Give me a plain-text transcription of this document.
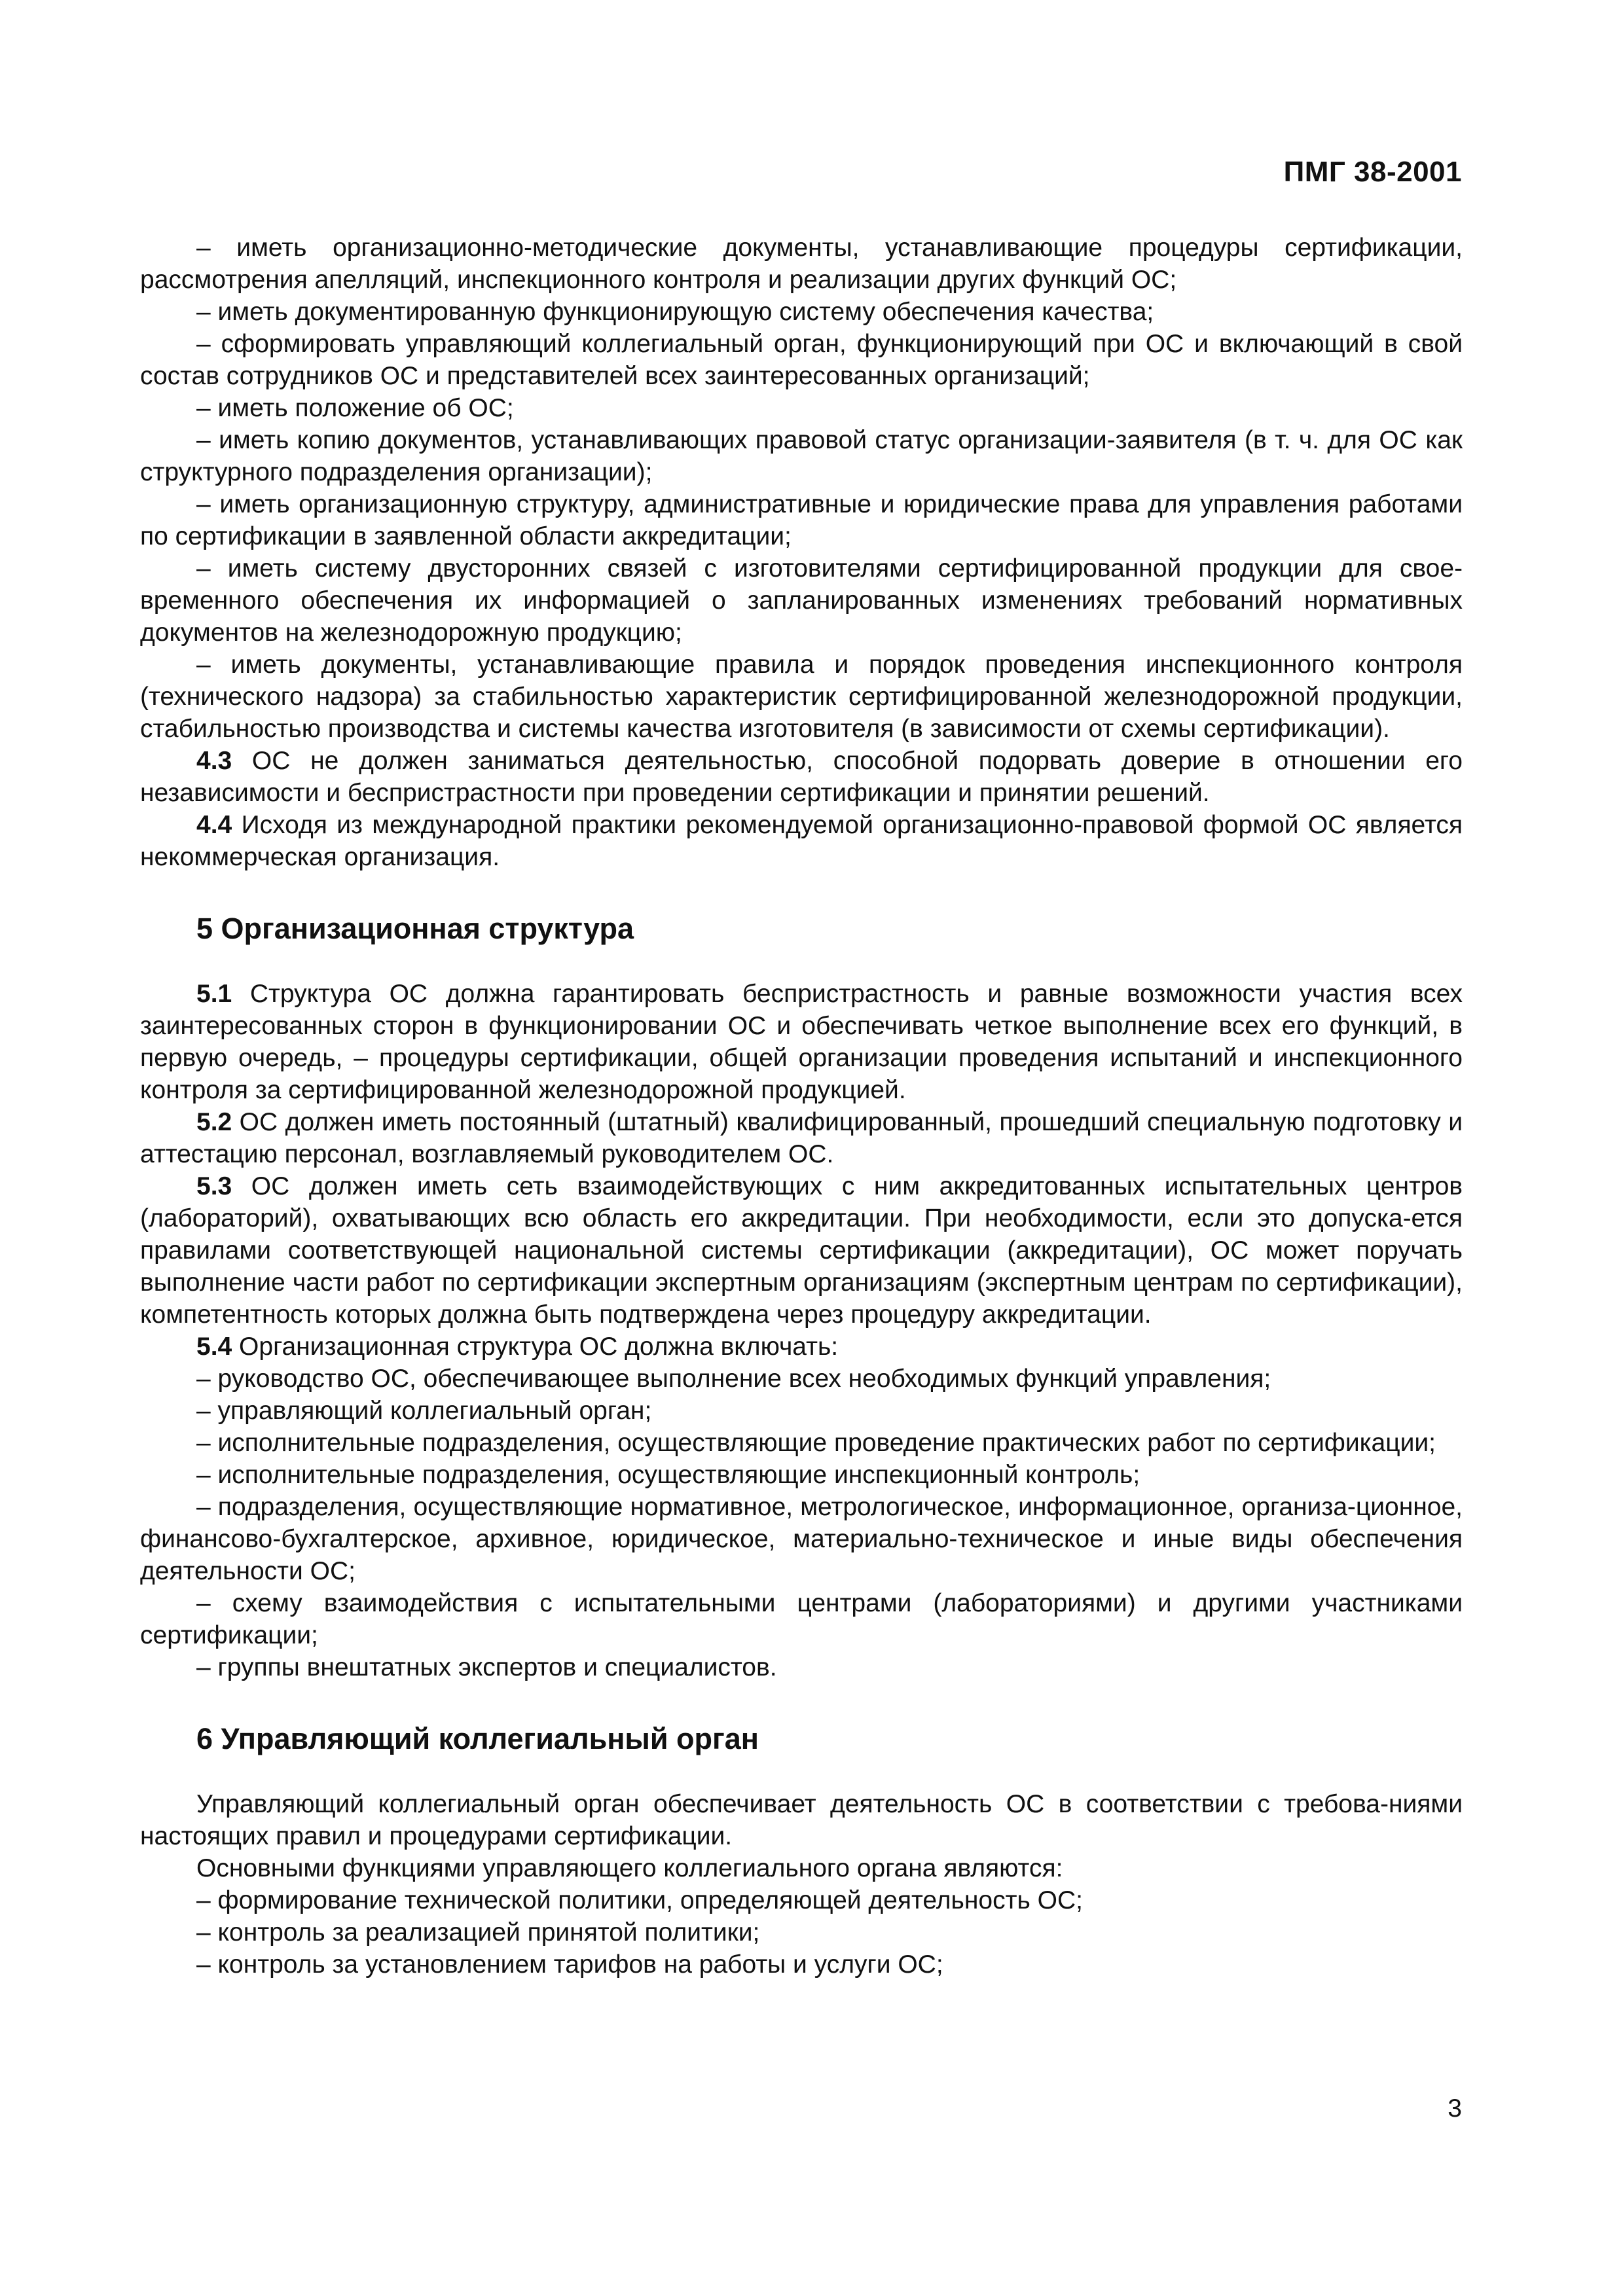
ПМГ 38-2001

– иметь организационно-методические документы, устанавливающие процедуры сертификации, рассмотрения апелляций, инспекционного контроля и реализации других функций ОС;

– иметь документированную функционирующую систему обеспечения качества;

– сформировать управляющий коллегиальный орган, функционирующий при ОС и включающий в свой состав сотрудников ОС и представителей всех заинтересованных организаций;

– иметь положение об ОС;

– иметь копию документов, устанавливающих правовой статус организации-заявителя (в т. ч. для ОС как структурного подразделения организации);

– иметь организационную структуру, административные и юридические права для управления работами по сертификации в заявленной области аккредитации;

– иметь систему двусторонних связей с изготовителями сертифицированной продукции для свое-временного обеспечения их информацией о запланированных изменениях требований нормативных документов на железнодорожную продукцию;

– иметь документы, устанавливающие правила и порядок проведения инспекционного контроля (технического надзора) за стабильностью характеристик сертифицированной железнодорожной продукции, стабильностью производства и системы качества изготовителя (в зависимости от схемы сертификации).

4.3 ОС не должен заниматься деятельностью, способной подорвать доверие в отношении его независимости и беспристрастности при проведении сертификации и принятии решений.

4.4 Исходя из международной практики рекомендуемой организационно-правовой формой ОС является некоммерческая организация.

5 Организационная структура

5.1 Структура ОС должна гарантировать беспристрастность и равные возможности участия всех заинтересованных сторон в функционировании ОС и обеспечивать четкое выполнение всех его функций, в первую очередь, – процедуры сертификации, общей организации проведения испытаний и инспекционного контроля за сертифицированной железнодорожной продукцией.

5.2 ОС должен иметь постоянный (штатный) квалифицированный, прошедший специальную подготовку и аттестацию персонал, возглавляемый руководителем ОС.

5.3 ОС должен иметь сеть взаимодействующих с ним аккредитованных испытательных центров (лабораторий), охватывающих всю область его аккредитации. При необходимости, если это допуска-ется правилами соответствующей национальной системы сертификации (аккредитации), ОС может поручать выполнение части работ по сертификации экспертным организациям (экспертным центрам по сертификации), компетентность которых должна быть подтверждена через процедуру аккредитации.

5.4 Организационная структура ОС должна включать:

– руководство ОС, обеспечивающее выполнение всех необходимых функций управления;

– управляющий коллегиальный орган;

– исполнительные подразделения, осуществляющие проведение практических работ по сертификации;

– исполнительные подразделения, осуществляющие инспекционный контроль;

– подразделения, осуществляющие нормативное, метрологическое, информационное, организа-ционное, финансово-бухгалтерское, архивное, юридическое, материально-техническое и иные виды обеспечения деятельности ОС;

– схему взаимодействия с испытательными центрами (лабораториями) и другими участниками сертификации;

– группы внештатных экспертов и специалистов.

6 Управляющий коллегиальный орган

Управляющий коллегиальный орган обеспечивает деятельность ОС в соответствии с требова-ниями настоящих правил и процедурами сертификации.

Основными функциями управляющего коллегиального органа являются:

– формирование технической политики, определяющей деятельность ОС;

– контроль за реализацией принятой политики;

– контроль за установлением тарифов на работы и услуги ОС;

3
